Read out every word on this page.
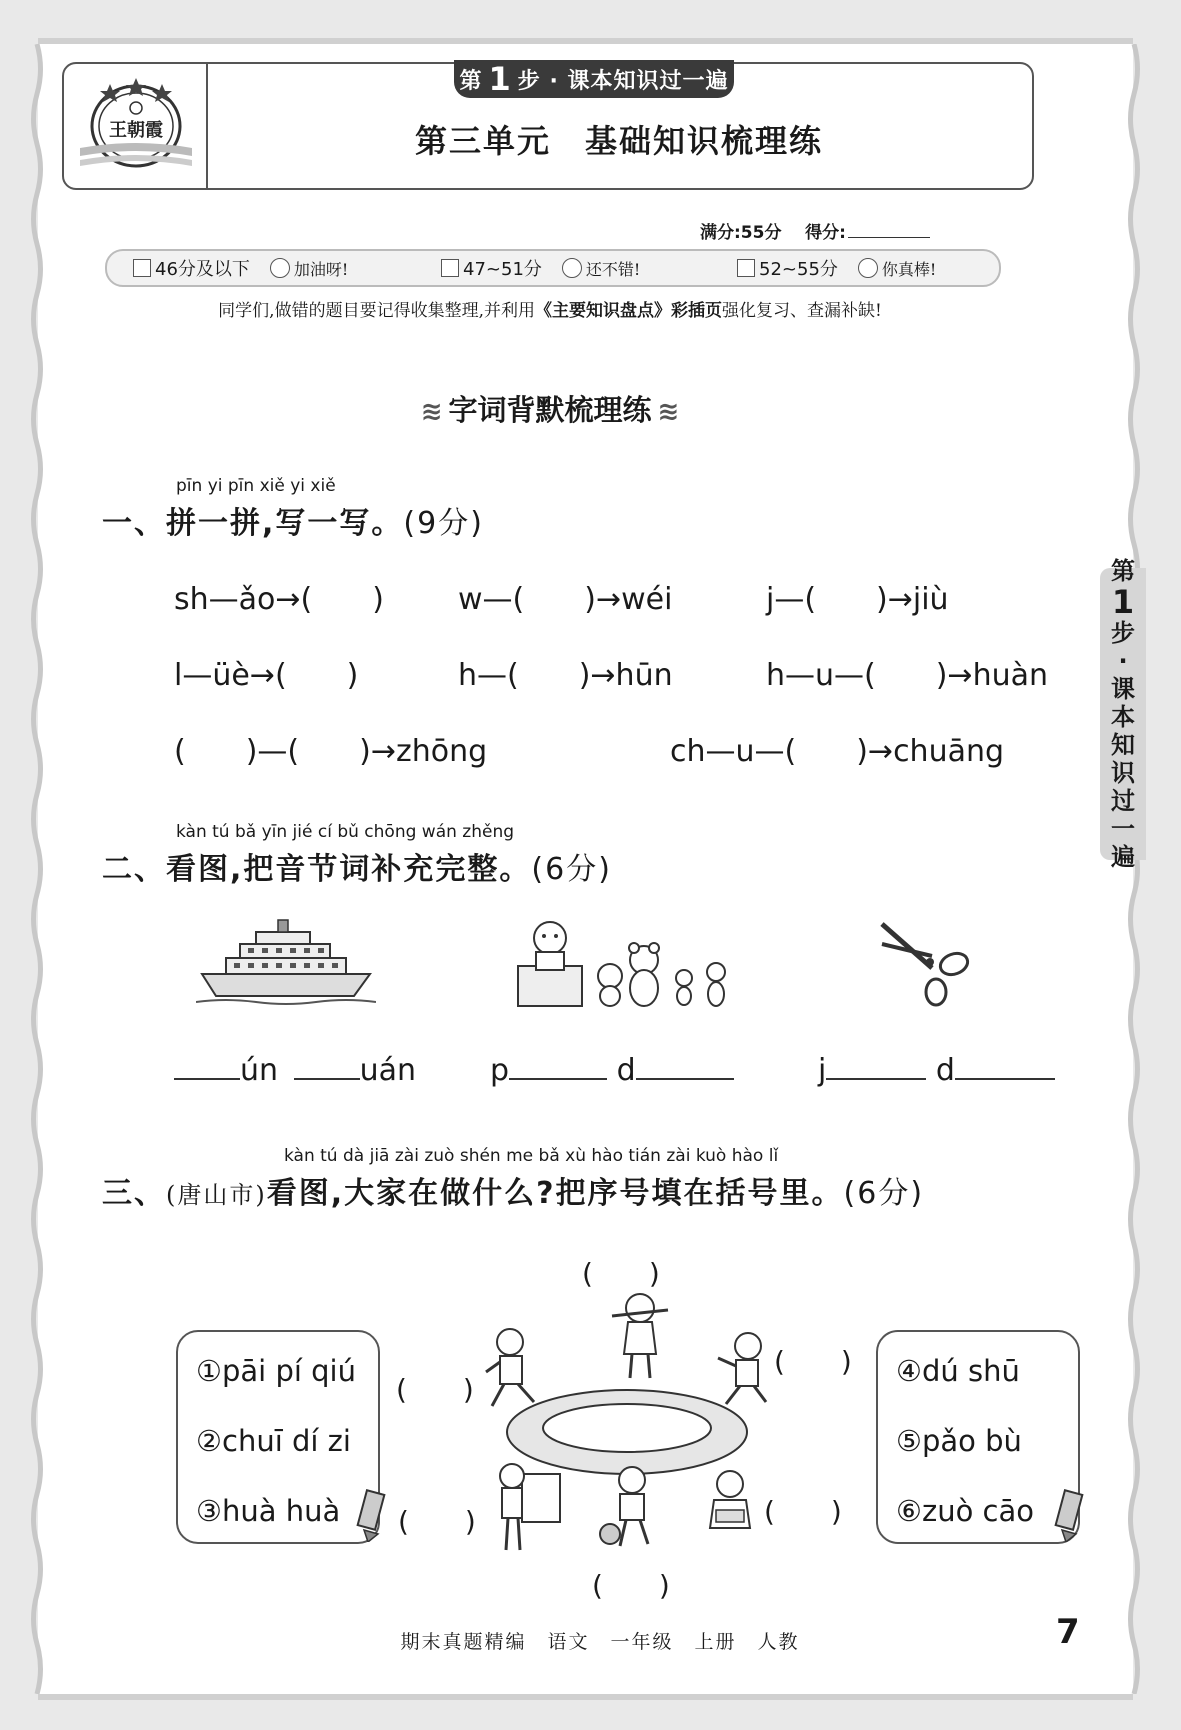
王朝霞
第 1 步 · 课本知识过一遍
第三单元　基础知识梳理练
满分:55分 得分:
46分及以下	加油呀!	47~51分	还不错!	52~55分	你真棒!
同学们,做错的题目要记得收集整理,并利用《主要知识盘点》彩插页强化复习、查漏补缺!
≋ 字词背默梳理练 ≋
pīn yi pīn xiě yi xiě
一、拼一拼,写一写。(9分)
sh—ǎo→(　　) w—(　　)→wéi	j—(　　)→jiù
l—üè→(　　)	h—(　　)→hūn	h—u—(　　)→huàn
(　　)—(　　)→zhōng	ch—u—(　　)→chuāng
kàn tú bǎ yīn jié cí bǔ chōng wán zhěng
二、看图,把音节词补充完整。(6分)
ún	uán p	d	j	d
kàn tú dà jiā zài zuò shén me bǎ xù hào tián zài kuò hào lǐ
三、(唐山市)看图,大家在做什么?把序号填在括号里。(6分)
①pāi pí qiú
②chuī dí zi
③huà huà
④dú shū
⑤pǎo bù
⑥zuò cāo
(　　)
(　　)
(　　)
(　　)	(　　)
(　　)
第
1
步
·
课
本
知
识
过
一
遍
期末真题精编　语文　一年级　上册　人教	7
